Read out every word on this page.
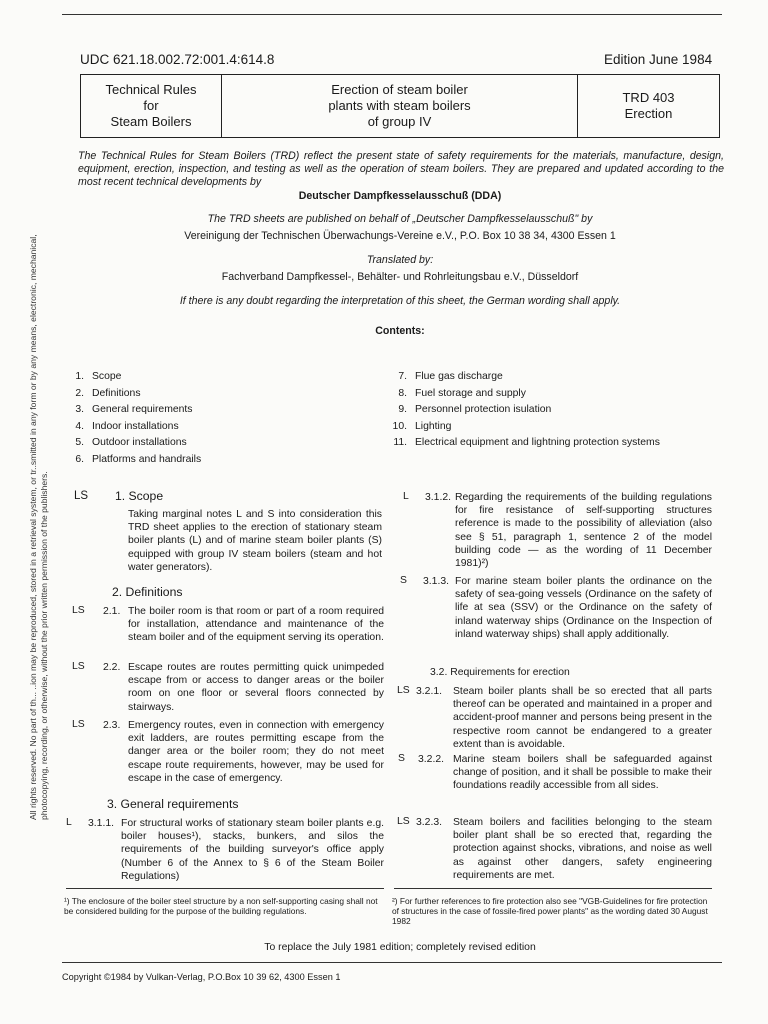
UDC 621.18.002.72:001.4:614.8	Edition June 1984
Technical Rules
for
Steam Boilers
Erection of steam boiler
plants with steam boilers
of group IV
TRD 403
Erection
The Technical Rules for Steam Boilers (TRD) reflect the present state of safety requirements for the materials, manufacture, design, equipment, erection, inspection, and testing as well as the operation of steam boilers. They are prepared and updated according to the most recent technical developments by
Deutscher Dampfkesselausschuß (DDA)
The TRD sheets are published on behalf of „Deutscher Dampfkesselausschuß" by
Vereinigung der Technischen Überwachungs-Vereine e.V., P.O. Box 10 38 34, 4300 Essen 1
Translated by:
Fachverband Dampfkessel-, Behälter- und Rohrleitungsbau e.V., Düsseldorf
If there is any doubt regarding the interpretation of this sheet, the German wording shall apply.
Contents:
All rights reserved. No part of th... ..ion may be reproduced, stored in a retrieval system, or tr..smitted in any form or by any means, electronic, mechanical, photocopying, recording, or otherwise, without the prior written permission of the publishers.
1. Scope
2. Definitions
3. General requirements
4. Indoor installations
5. Outdoor installations
6. Platforms and handrails
7. Flue gas discharge
8. Fuel storage and supply
9. Personnel protection isulation
10. Lighting
11. Electrical equipment and lightning protection systems
LS 1. Scope
Taking marginal notes L and S into consideration this TRD sheet applies to the erection of stationary steam boiler plants (L) and of marine steam boiler plants (S) equipped with group IV steam boilers (steam and hot water generators).
2. Definitions
LS 2.1. The boiler room is that room or part of a room required for installation, attendance and maintenance of the steam boiler and of the equipment serving its operation.
LS 2.2. Escape routes are routes permitting quick unimpeded escape from or access to danger areas or the boiler room on one floor or several floors connected by stairways.
LS 2.3. Emergency routes, even in connection with emergency exit ladders, are routes permitting escape from the danger area or the boiler room; they do not meet escape route requirements, however, may be used for escape in the case of emergency.
3. General requirements
L 3.1.1. For structural works of stationary steam boiler plants e.g. boiler houses¹), stacks, bunkers, and silos the requirements of the building surveyor's office apply (Number 6 of the Annex to § 6 of the Steam Boiler Regulations)
¹) The enclosure of the boiler steel structure by a non self-supporting casing shall not be considered building for the purpose of the building regulations.
L 3.1.2. Regarding the requirements of the building regulations for fire resistance of self-supporting structures reference is made to the possibility of alleviation (also see § 51, paragraph 1, sentence 2 of the model building code — as the wording of 11 December 1981)²)
S 3.1.3. For marine steam boiler plants the ordinance on the safety of sea-going vessels (Ordinance on the safety of life at sea (SSV) or the Ordinance on the safety of inland waterway ships (Ordinance on the Inspection of inland waterway ships) shall apply additionally.
3.2. Requirements for erection
LS 3.2.1. Steam boiler plants shall be so erected that all parts thereof can be operated and maintained in a proper and accident-proof manner and persons being present in the respective room cannot be endangered to a greater extent than is avoidable.
S 3.2.2. Marine steam boilers shall be safeguarded against change of position, and it shall be possible to make their foundations readily accessible from all sides.
LS 3.2.3. Steam boilers and facilities belonging to the steam boiler plant shall be so erected that, regarding the protection against shocks, vibrations, and noise as well as against other dangers, safety engineering requirements are met.
²) For further references to fire protection also see "VGB-Guidelines for fire protection of structures in the case of fossile-fired power plants" as the wording dated 30 August 1982
To replace the July 1981 edition; completely revised edition
Copyright ©1984 by Vulkan-Verlag, P.O.Box 10 39 62, 4300 Essen 1
